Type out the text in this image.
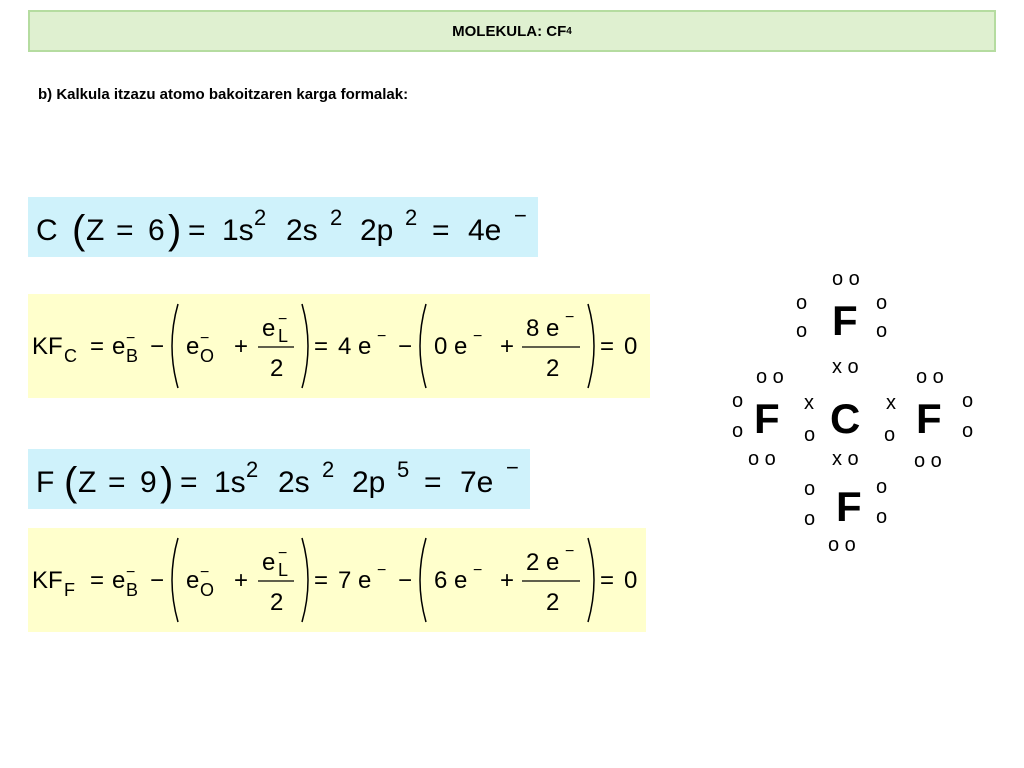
MOLEKULA: CF 4
b) Kalkula itzazu atomo bakoitzaren karga formalak:
C ( Z = 6 ) = 1s 2 2s 2 2p 2 = 4e −
KF C = e −
B − e −
O +
e −
L
2
= 4 e − − 0 e − +
8 e −
2
= 0
F ( Z = 9 ) = 1s 2 2s 2 2p 5 = 7e −
KF F = e −
B − e −
O +
e −
L
2
= 7 e − − 6 e − +
2 e −
2
= 0
o o
o	o
o	o
F
x o
o o
o
o
o o
F x
o C x
o
o o
F o
o
o o
x o
o	o
o	o
F
o o
